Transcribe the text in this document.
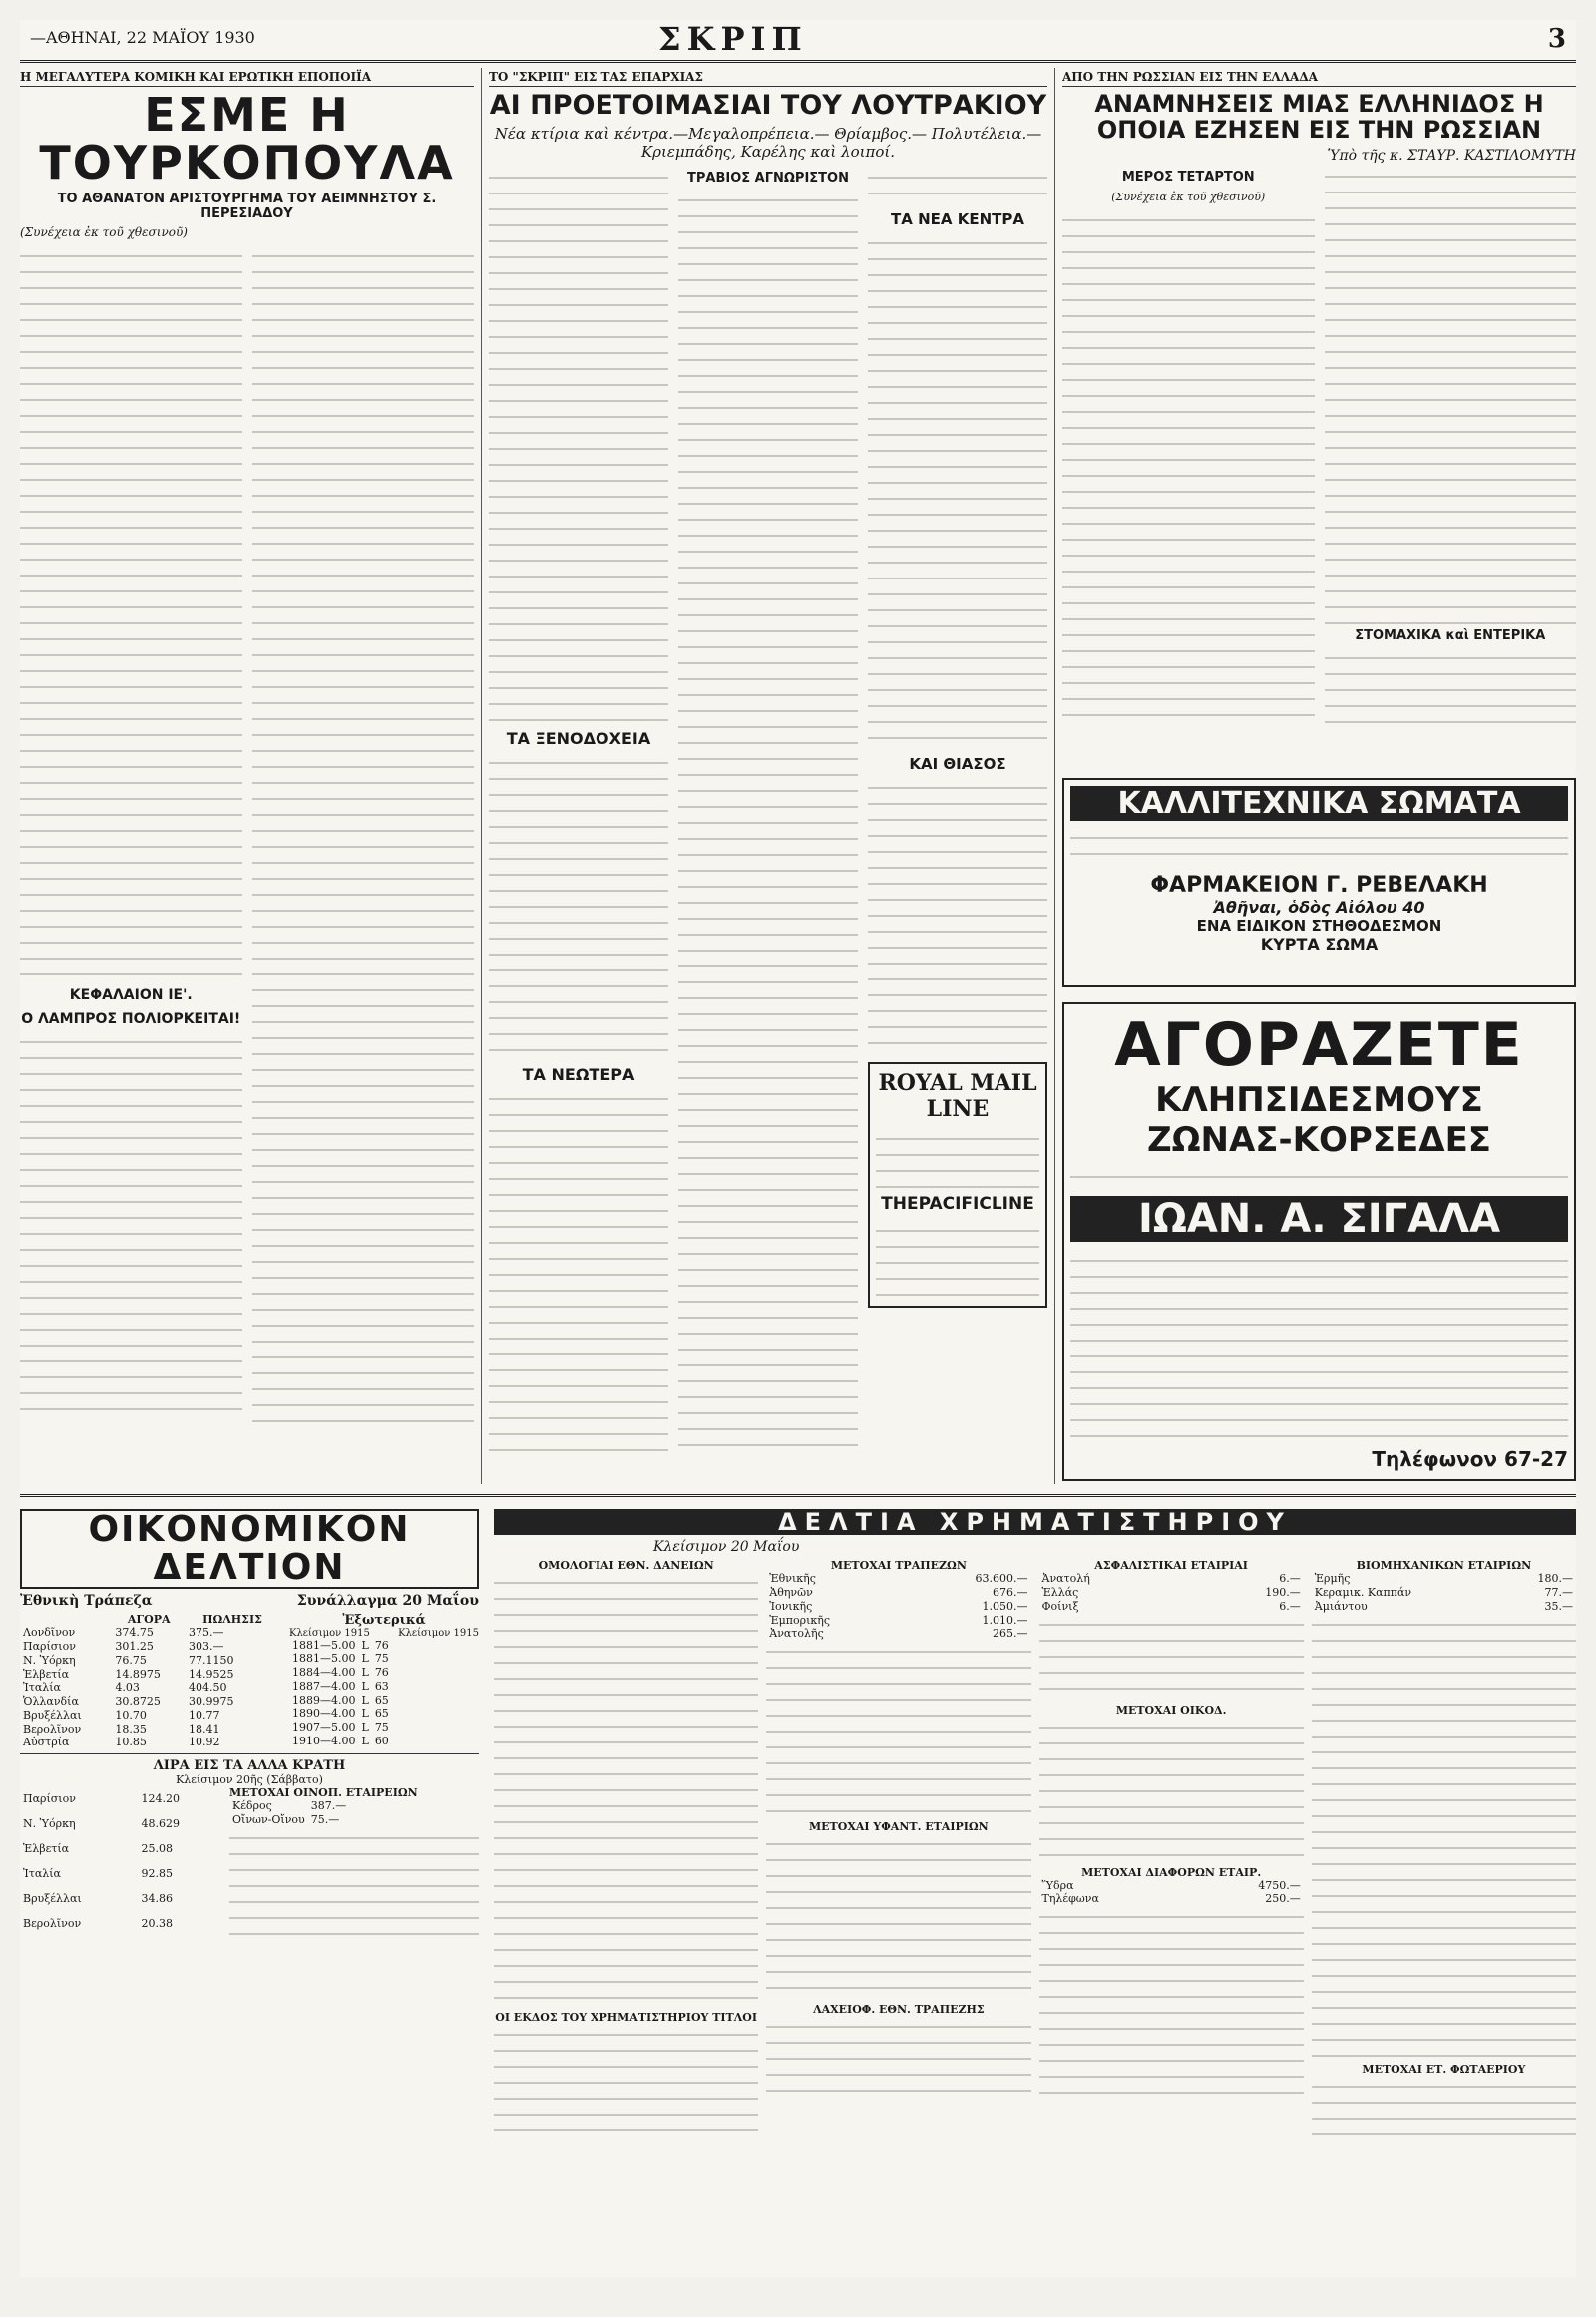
—ΑΘΗΝΑΙ, 22 ΜΑΪΟΥ 1930	ΣΚΡΙΠ	3
Η ΜΕΓΑΛΥΤΕΡΑ ΚΟΜΙΚΗ ΚΑΙ ΕΡΩΤΙΚΗ ΕΠΟΠΟΙΪΑ
ΕΣΜΕ Η ΤΟΥΡΚΟΠΟΥΛΑ
ΤΟ ΑΘΑΝΑΤΟΝ ΑΡΙΣΤΟΥΡΓΗΜΑ ΤΟΥ ΑΕΙΜΝΗΣΤΟΥ Σ. ΠΕΡΕΣΙΑΔΟΥ
(Συνέχεια ἐκ τοῦ χθεσινοῦ)
ΚΕΦΑΛΑΙΟΝ ΙΕ'.
Ο ΛΑΜΠΡΟΣ ΠΟΛΙΟΡΚΕΙΤΑΙ!
ΤΟ "ΣΚΡΙΠ" ΕΙΣ ΤΑΣ ΕΠΑΡΧΙΑΣ
ΑΙ ΠΡΟΕΤΟΙΜΑΣΙΑΙ ΤΟΥ ΛΟΥΤΡΑΚΙΟΥ
Νέα κτίρια καὶ κέντρα.—Μεγαλοπρέπεια.— Θρίαμβος.— Πολυτέλεια.— Κριεμπάδης, Καρέλης καὶ λοιποί.
ΤΑ ΞΕΝΟΔΟΧΕΙΑ
ΤΑ ΝΕΩΤΕΡΑ
ΤΡΑΒΙΟΣ ΑΓΝΩΡΙΣΤΟΝ
ΤΑ ΝΕΑ ΚΕΝΤΡΑ
ΚΑΙ ΘΙΑΣΟΣ
ROYAL MAIL LINE
THEPACIFICLINE
ΑΠΟ ΤΗΝ ΡΩΣΣΙΑΝ ΕΙΣ ΤΗΝ ΕΛΛΑΔΑ
ΑΝΑΜΝΗΣΕΙΣ ΜΙΑΣ ΕΛΛΗΝΙΔΟΣ Η ΟΠΟΙΑ ΕΖΗΣΕΝ ΕΙΣ ΤΗΝ ΡΩΣΣΙΑΝ
Ὑπὸ τῆς κ. ΣΤΑΥΡ. ΚΑΣΤΙΛΟΜΥΤΗ
ΜΕΡΟΣ ΤΕΤΑΡΤΟΝ
(Συνέχεια ἐκ τοῦ χθεσινοῦ)
ΣΤΟΜΑΧΙΚΑ καὶ ΕΝΤΕΡΙΚΑ
ΚΑΛΛΙΤΕΧΝΙΚΑ ΣΩΜΑΤΑ
ΦΑΡΜΑΚΕΙΟΝ Γ. ΡΕΒΕΛΑΚΗ
Ἀθῆναι, ὁδὸς Αἰόλου 40
ΕΝΑ ΕΙΔΙΚΟΝ ΣΤΗΘΟΔΕΣΜΟΝ
ΚΥΡΤΑ ΣΩΜΑ
ΑΓΟΡΑΖΕΤΕ
ΚΛΗΠΣΙΔΕΣΜΟΥΣ
ΖΩΝΑΣ-ΚΟΡΣΕΔΕΣ
ΙΩΑΝ. Α. ΣΙΓΑΛΑ
Τηλέφωνον 67-27
ΟΙΚΟΝΟΜΙΚΟΝ ΔΕΛΤΙΟΝ
Ἐθνικὴ Τράπεζα	Συνάλλαγμα 20 Μαΐου
	ΑΓΟΡΑ	ΠΩΛΗΣΙΣ
Λονδῖνον	374.75	375.—
Παρίσιον	301.25	303.—
Ν. Ὑόρκη	76.75	77.1150
Ἑλβετία	14.8975	14.9525
Ἰταλία	4.03	404.50
Ὁλλανδία	30.8725	30.9975
Βρυξέλλαι	10.70	10.77
Βερολῖνον	18.35	18.41
Αὐστρία	10.85	10.92
Ἐξωτερικά
Κλείσιμον 1915	Κλείσιμον 1915
1881—5.00	L	76
1881—5.00	L	75
1884—4.00	L	76
1887—4.00	L	63
1889—4.00	L	65
1890—4.00	L	65
1907—5.00	L	75
1910—4.00	L	60
ΛΙΡΑ ΕΙΣ ΤΑ ΑΛΛΑ ΚΡΑΤΗ
Κλείσιμον 20ῆς (Σάββατο)
Παρίσιον	124.20
Ν. Ὑόρκη	48.629
Ἑλβετία	25.08
Ἰταλία	92.85
Βρυξέλλαι	34.86
Βερολῖνον	20.38
ΜΕΤΟΧΑΙ ΟΙΝΟΠ. ΕΤΑΙΡΕΙΩΝ
Κέδρος	387.—
Οἴνων-Οἴνου	75.—
ΔΕΛΤΙΑ ΧΡΗΜΑΤΙΣΤΗΡΙΟΥ
Κλείσιμον 20 Μαΐου
ΟΜΟΛΟΓΙΑΙ ΕΘΝ. ΔΑΝΕΙΩΝ
ΟΙ ΕΚΔΟΣ ΤΟΥ ΧΡΗΜΑΤΙΣΤΗΡΙΟΥ ΤΙΤΛΟΙ
ΜΕΤΟΧΑΙ ΤΡΑΠΕΖΩΝ
Ἐθνικῆς	63.600.—
Ἀθηνῶν	676.—
Ἰονικῆς	1.050.—
Ἐμπορικῆς	1.010.—
Ἀνατολῆς	265.—
ΜΕΤΟΧΑΙ ΥΦΑΝΤ. ΕΤΑΙΡΙΩΝ
ΛΑΧΕΙΟΦ. ΕΘΝ. ΤΡΑΠΕΖΗΣ
ΑΣΦΑΛΙΣΤΙΚΑΙ ΕΤΑΙΡΙΑΙ
Ἀνατολή	6.—
Ἑλλάς	190.—
Φοίνιξ	6.—
ΜΕΤΟΧΑΙ ΟΙΚΟΔ.
ΜΕΤΟΧΑΙ ΔΙΑΦΟΡΩΝ ΕΤΑΙΡ.
Ὕδρα	4750.—
Τηλέφωνα	250.—
ΒΙΟΜΗΧΑΝΙΚΩΝ ΕΤΑΙΡΙΩΝ
Ἑρμῆς	180.—
Κεραμικ. Καππάν	77.—
Ἀμιάντου	35.—
ΜΕΤΟΧΑΙ ΕΤ. ΦΩΤΑΕΡΙΟΥ
